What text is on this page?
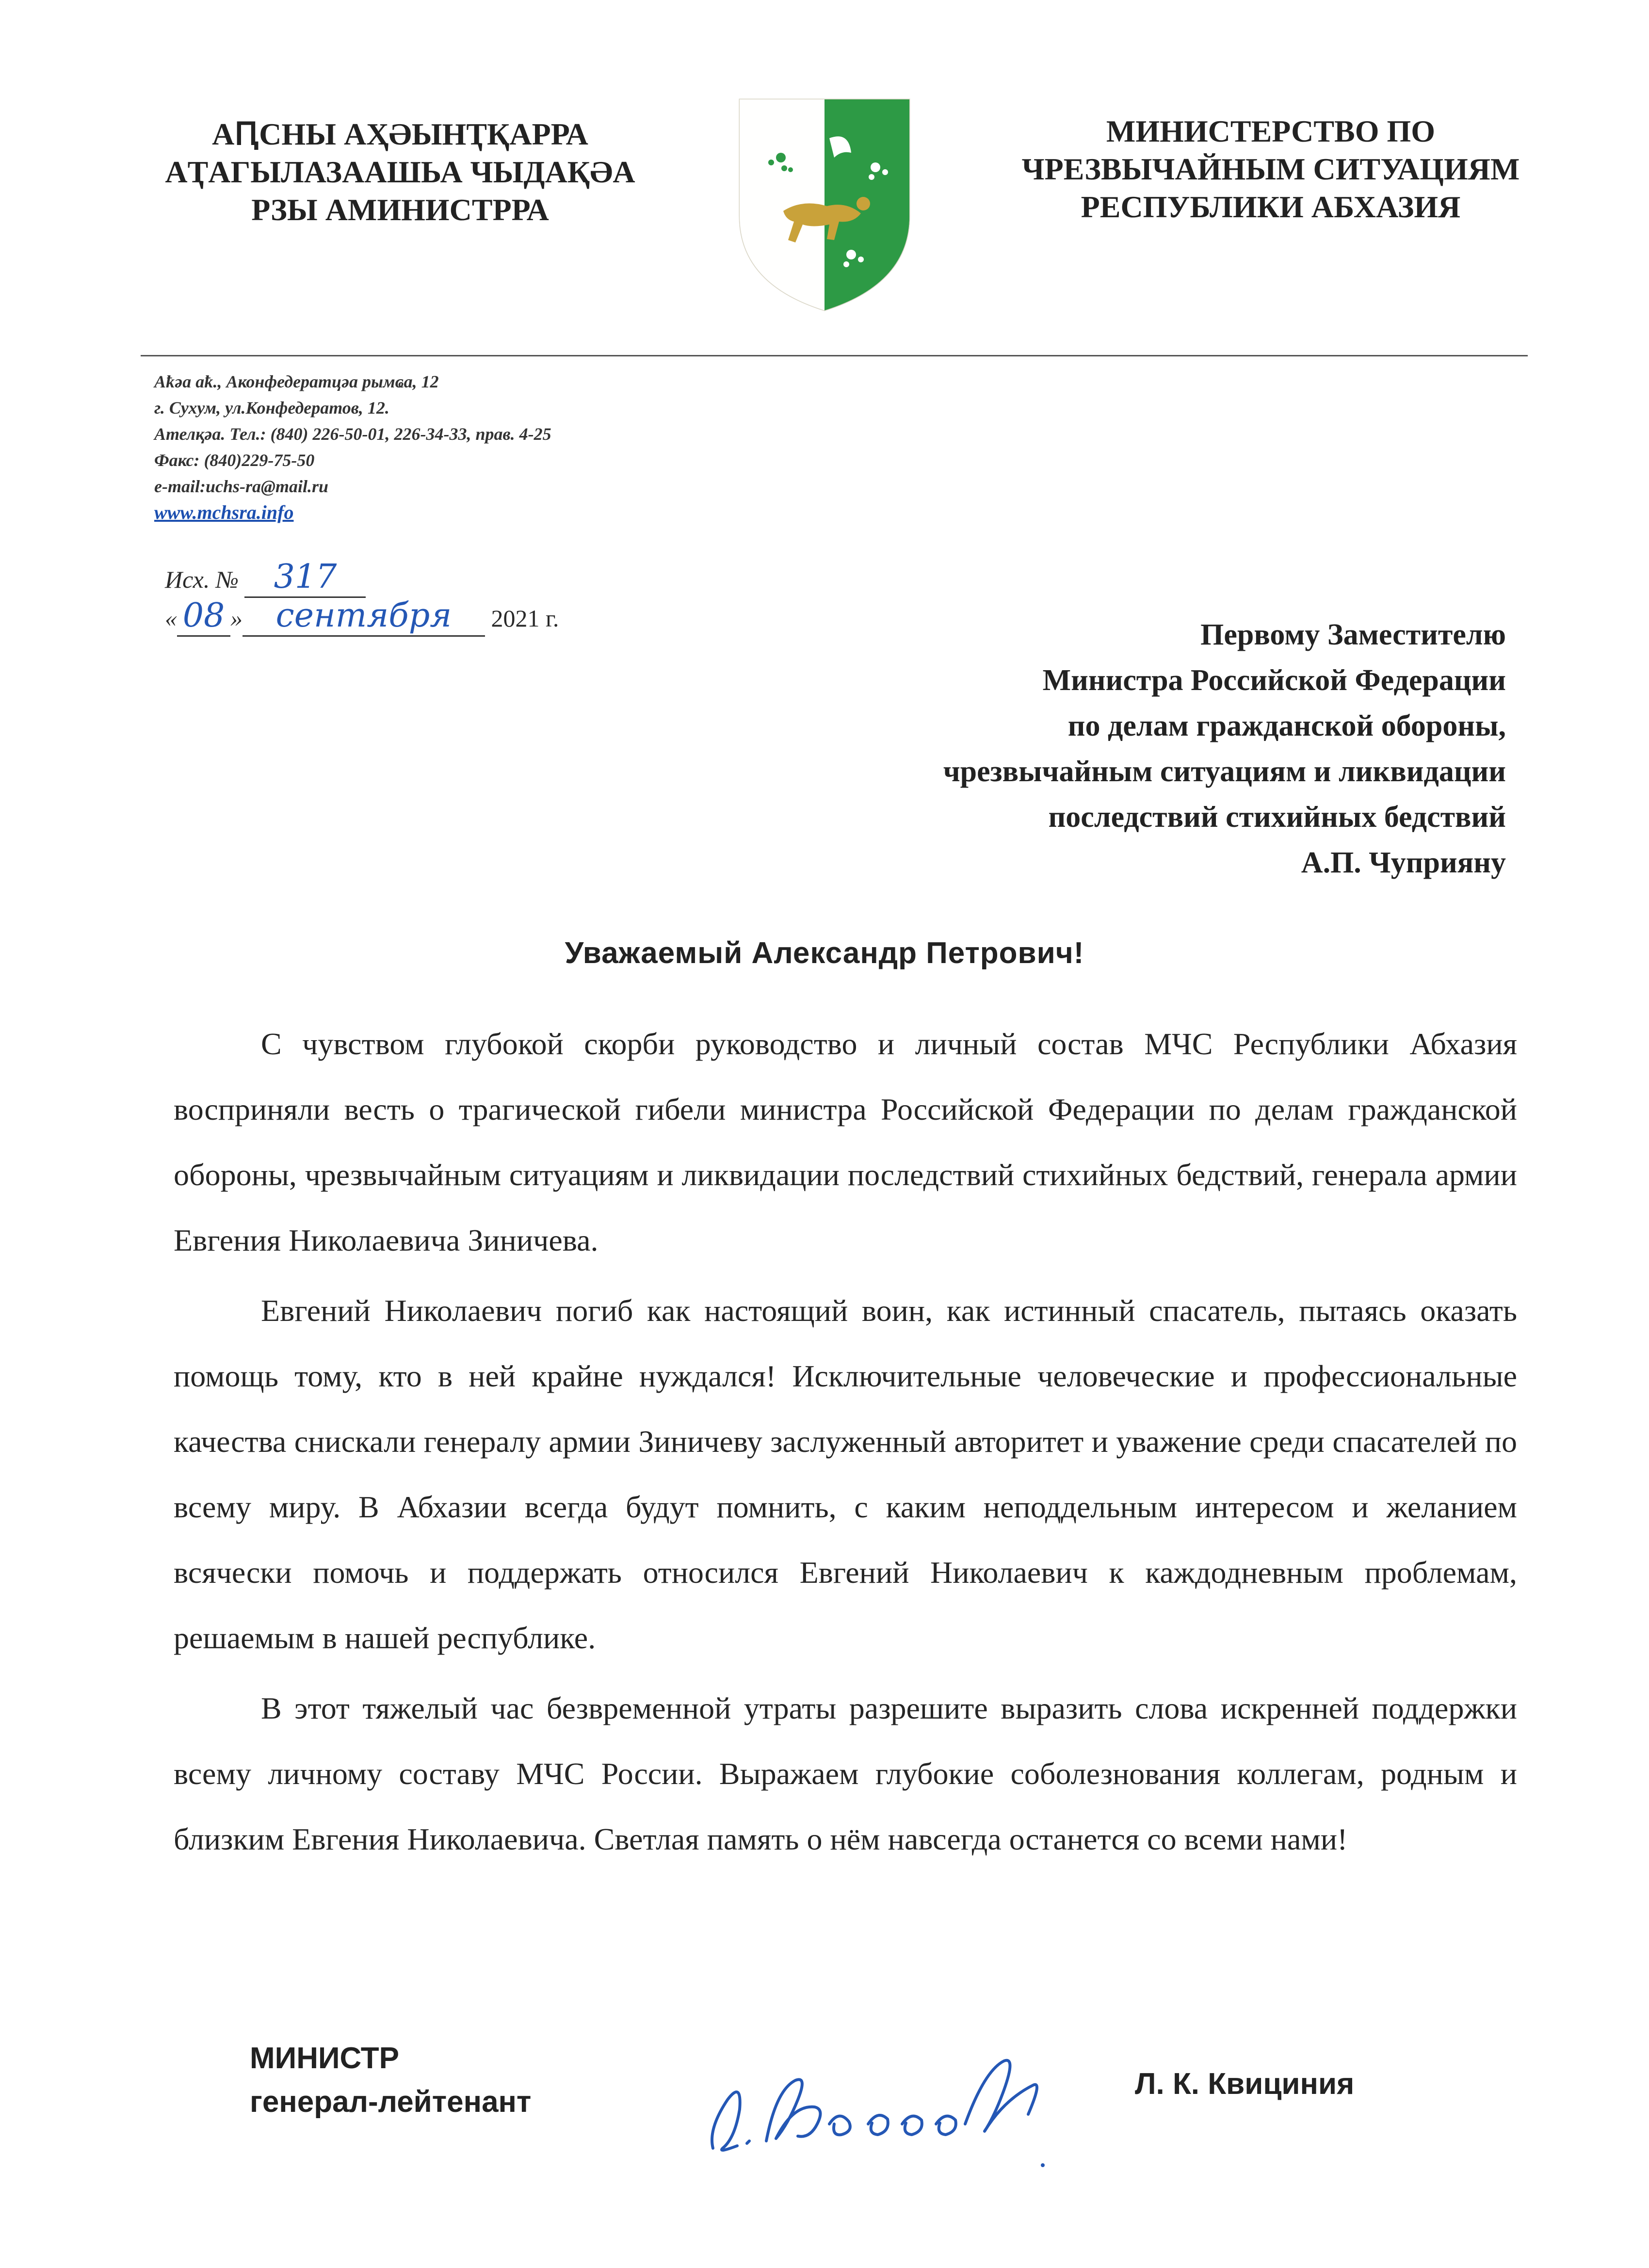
АԤСНЫ АҲӘЫНҬҚАРРА
АҬАГЫЛАЗААШЬА ЧЫДАҚӘА
РЗЫ АМИНИСТРРА
МИНИСТЕРСТВО ПО
ЧРЕЗВЫЧАЙНЫМ СИТУАЦИЯМ
РЕСПУБЛИКИ АБХАЗИЯ
Аҟәа аҟ., Аконфедератцәа рымҩа, 12
г. Сухум, ул.Конфедератов, 12.
Ателқәа. Тел.: (840) 226-50-01, 226-34-33, прав. 4-25
Факс: (840)229-75-50
e-mail:uchs-ra@mail.ru
www.mchsra.info
Исх. № 317
« 08 » сентября 2021 г.	Первому Заместителю
Министра Российской Федерации
по делам гражданской обороны,
чрезвычайным ситуациям и ликвидации
последствий стихийных бедствий
А.П. Чуприяну
Уважаемый Александр Петрович!

С чувством глубокой скорби руководство и личный состав МЧС Республики Абхазия восприняли весть о трагической гибели министра Российской Федерации по делам гражданской обороны, чрезвычайным ситуациям и ликвидации последствий стихийных бедствий, генерала армии Евгения Николаевича Зиничева.

Евгений Николаевич погиб как настоящий воин, как истинный спасатель, пытаясь оказать помощь тому, кто в ней крайне нуждался! Исключительные человеческие и профессиональные качества снискали генералу армии Зиничеву заслуженный авторитет и уважение среди спасателей по всему миру. В Абхазии всегда будут помнить, с каким неподдельным интересом и желанием всячески помочь и поддержать относился Евгений Николаевич к каждодневным проблемам, решаемым в нашей республике.

В этот тяжелый час безвременной утраты разрешите выразить слова искренней поддержки всему личному составу МЧС России. Выражаем глубокие соболезнования коллегам, родным и близким Евгения Николаевича. Светлая память о нём навсегда останется со всеми нами!

МИНИСТР
генерал-лейтенант
Л. К. Квициния
